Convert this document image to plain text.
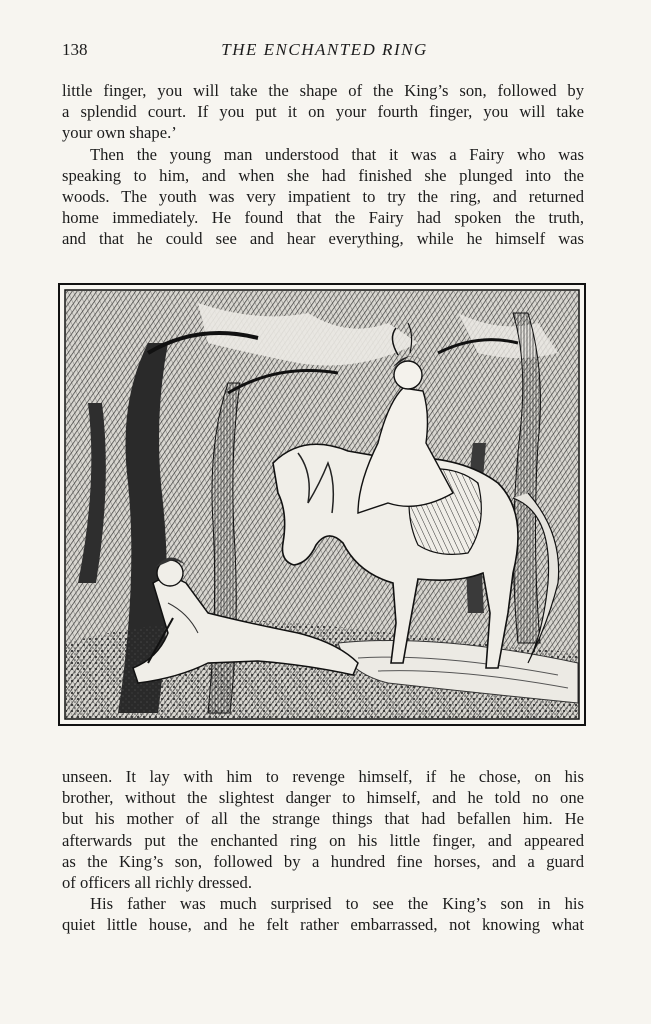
138	THE ENCHANTED RING

little finger, you will take the shape of the King’s son, followed by

a splendid court. If you put it on your fourth finger, you will take

your own shape.’

Then the young man understood that it was a Fairy who was

speaking to him, and when she had finished she plunged into the

woods. The youth was very impatient to try the ring, and returned

home immediately. He found that the Fairy had spoken the truth,

and that he could see and hear everything, while he himself was

unseen. It lay with him to revenge himself, if he chose, on his

brother, without the slightest danger to himself, and he told no one

but his mother of all the strange things that had befallen him. He

afterwards put the enchanted ring on his little finger, and appeared

as the King’s son, followed by a hundred fine horses, and a guard

of officers all richly dressed.

His father was much surprised to see the King’s son in his

quiet little house, and he felt rather embarrassed, not knowing what
